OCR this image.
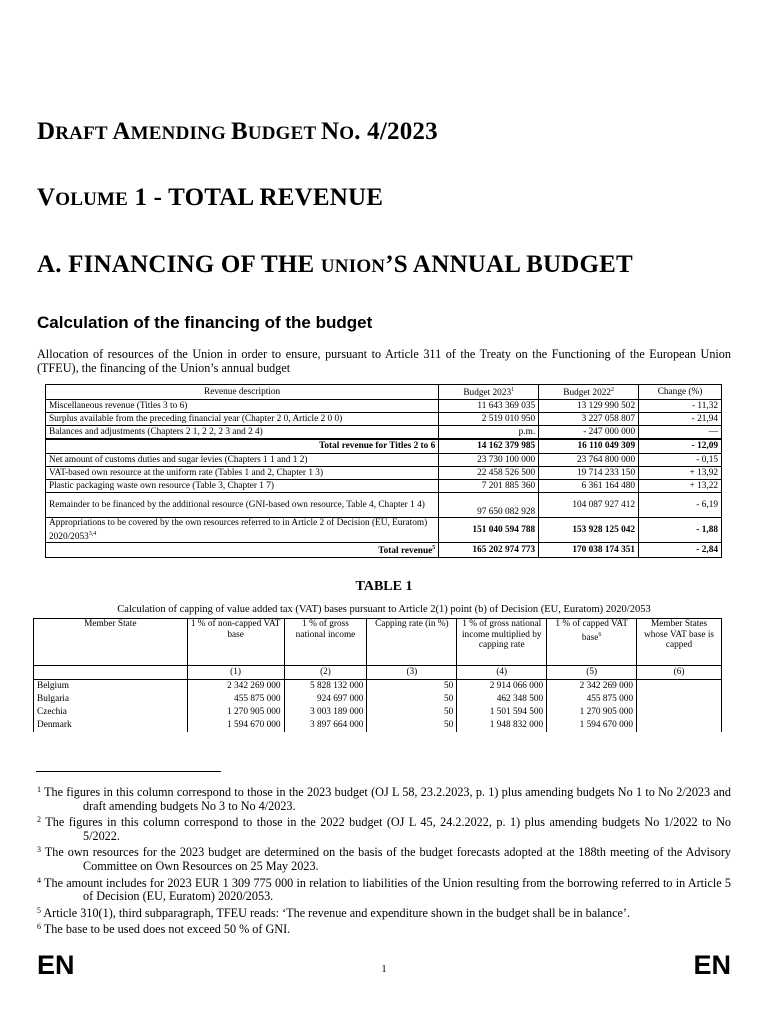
DRAFT AMENDING BUDGET NO. 4/2023
VOLUME 1 - TOTAL REVENUE
A. FINANCING OF THE UNION’S ANNUAL BUDGET
Calculation of the financing of the budget
Allocation of resources of the Union in order to ensure, pursuant to Article 311 of the Treaty on the Functioning of the European Union (TFEU), the financing of the Union’s annual budget
Revenue description	Budget 2023$^1$	Budget 2022$^2$	Change (%)
Miscellaneous revenue (Titles 3 to 6)	11 643 369 035	13 129 990 502	- 11,32
Surplus available from the preceding financial year (Chapter 2 0, Article 2 0 0)	2 519 010 950	3 227 058 807	- 21,94
Balances and adjustments (Chapters 2 1, 2 2, 2 3 and 2 4)	p.m.	- 247 000 000	—
Total revenue for Titles 2 to 6	14 162 379 985	16 110 049 309	- 12,09
Net amount of customs duties and sugar levies (Chapters 1 1 and 1 2)	23 730 100 000	23 764 800 000	- 0,15
VAT-based own resource at the uniform rate (Tables 1 and 2, Chapter 1 3)	22 458 526 500	19 714 233 150	+ 13,92
Plastic packaging waste own resource (Table 3, Chapter 1 7)	7 201 885 360	6 361 164 480	+ 13,22
Remainder to be financed by the additional resource (GNI-based own resource, Table 4, Chapter 1 4)	97 650 082 928	104 087 927 412	- 6,19
Appropriations to be covered by the own resources referred to in Article 2 of Decision (EU, Euratom) 2020/2053$^{3,4}$	151 040 594 788	153 928 125 042	- 1,88
Total revenue$^5$	165 202 974 773	170 038 174 351	- 2,84
TABLE 1
Calculation of capping of value added tax (VAT) bases pursuant to Article 2(1) point (b) of Decision (EU, Euratom) 2020/2053
Member State	1 % of non-capped VAT base	1 % of gross national income	Capping rate (in %)	1 % of gross national income multiplied by capping rate	1 % of capped VAT base$^6$	Member States whose VAT base is capped
	(1)	(2)	(3)	(4)	(5)	(6)
Belgium	2 342 269 000	5 828 132 000	50	2 914 066 000	2 342 269 000	
Bulgaria	455 875 000	924 697 000	50	462 348 500	455 875 000	
Czechia	1 270 905 000	3 003 189 000	50	1 501 594 500	1 270 905 000	
Denmark	1 594 670 000	3 897 664 000	50	1 948 832 000	1 594 670 000	
$^1$ The figures in this column correspond to those in the 2023 budget (OJ L 58, 23.2.2023, p. 1) plus amending budgets No 1 to No 2/2023 and draft amending budgets No 3 to No 4/2023.
$^2$ The figures in this column correspond to those in the 2022 budget (OJ L 45, 24.2.2022, p. 1) plus amending budgets No 1/2022 to No 5/2022.
$^3$ The own resources for the 2023 budget are determined on the basis of the budget forecasts adopted at the 188th meeting of the Advisory Committee on Own Resources on 25 May 2023.
$^4$ The amount includes for 2023 EUR 1 309 775 000 in relation to liabilities of the Union resulting from the borrowing referred to in Article 5 of Decision (EU, Euratom) 2020/2053.
$^5$ Article 310(1), third subparagraph, TFEU reads: ‘The revenue and expenditure shown in the budget shall be in balance’.
$^6$ The base to be used does not exceed 50 % of GNI.
EN	1	EN
